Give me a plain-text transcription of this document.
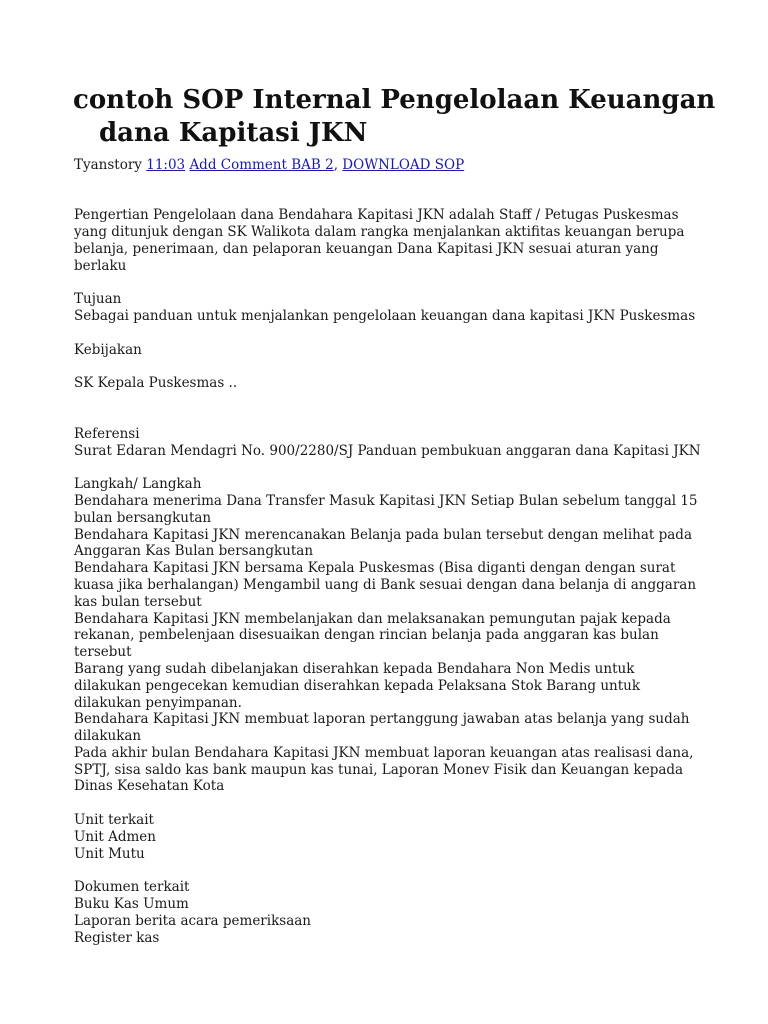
contoh SOP Internal Pengelolaan Keuangan dana Kapitasi JKN
Tyanstory 11:03 Add Comment BAB 2, DOWNLOAD SOP

Pengertian Pengelolaan dana Bendahara Kapitasi JKN adalah Staff / Petugas Puskesmas yang ditunjuk dengan SK Walikota dalam rangka menjalankan aktifitas keuangan berupa belanja, penerimaan, dan pelaporan keuangan Dana Kapitasi JKN sesuai aturan yang berlaku

Tujuan

Sebagai panduan untuk menjalankan pengelolaan keuangan dana kapitasi JKN Puskesmas

Kebijakan

SK Kepala Puskesmas ..

Referensi

Surat Edaran Mendagri No. 900/2280/SJ Panduan pembukuan anggaran dana Kapitasi JKN

Langkah/ Langkah

Bendahara menerima Dana Transfer Masuk Kapitasi JKN Setiap Bulan sebelum tanggal 15 bulan bersangkutan

Bendahara Kapitasi JKN merencanakan Belanja pada bulan tersebut dengan melihat pada Anggaran Kas Bulan bersangkutan

Bendahara Kapitasi JKN bersama Kepala Puskesmas (Bisa diganti dengan dengan surat kuasa jika berhalangan) Mengambil uang di Bank sesuai dengan dana belanja di anggaran kas bulan tersebut

Bendahara Kapitasi JKN membelanjakan dan melaksanakan pemungutan pajak kepada rekanan, pembelenjaan disesuaikan dengan rincian belanja pada anggaran kas bulan tersebut

Barang yang sudah dibelanjakan diserahkan kepada Bendahara Non Medis untuk dilakukan pengecekan kemudian diserahkan kepada Pelaksana Stok Barang untuk dilakukan penyimpanan.

Bendahara Kapitasi JKN membuat laporan pertanggung jawaban atas belanja yang sudah dilakukan

Pada akhir bulan Bendahara Kapitasi JKN membuat laporan keuangan atas realisasi dana, SPTJ, sisa saldo kas bank maupun kas tunai, Laporan Monev Fisik dan Keuangan kepada Dinas Kesehatan Kota

Unit terkait

Unit Admen

Unit Mutu

Dokumen terkait

Buku Kas Umum

Laporan berita acara pemeriksaan

Register kas
